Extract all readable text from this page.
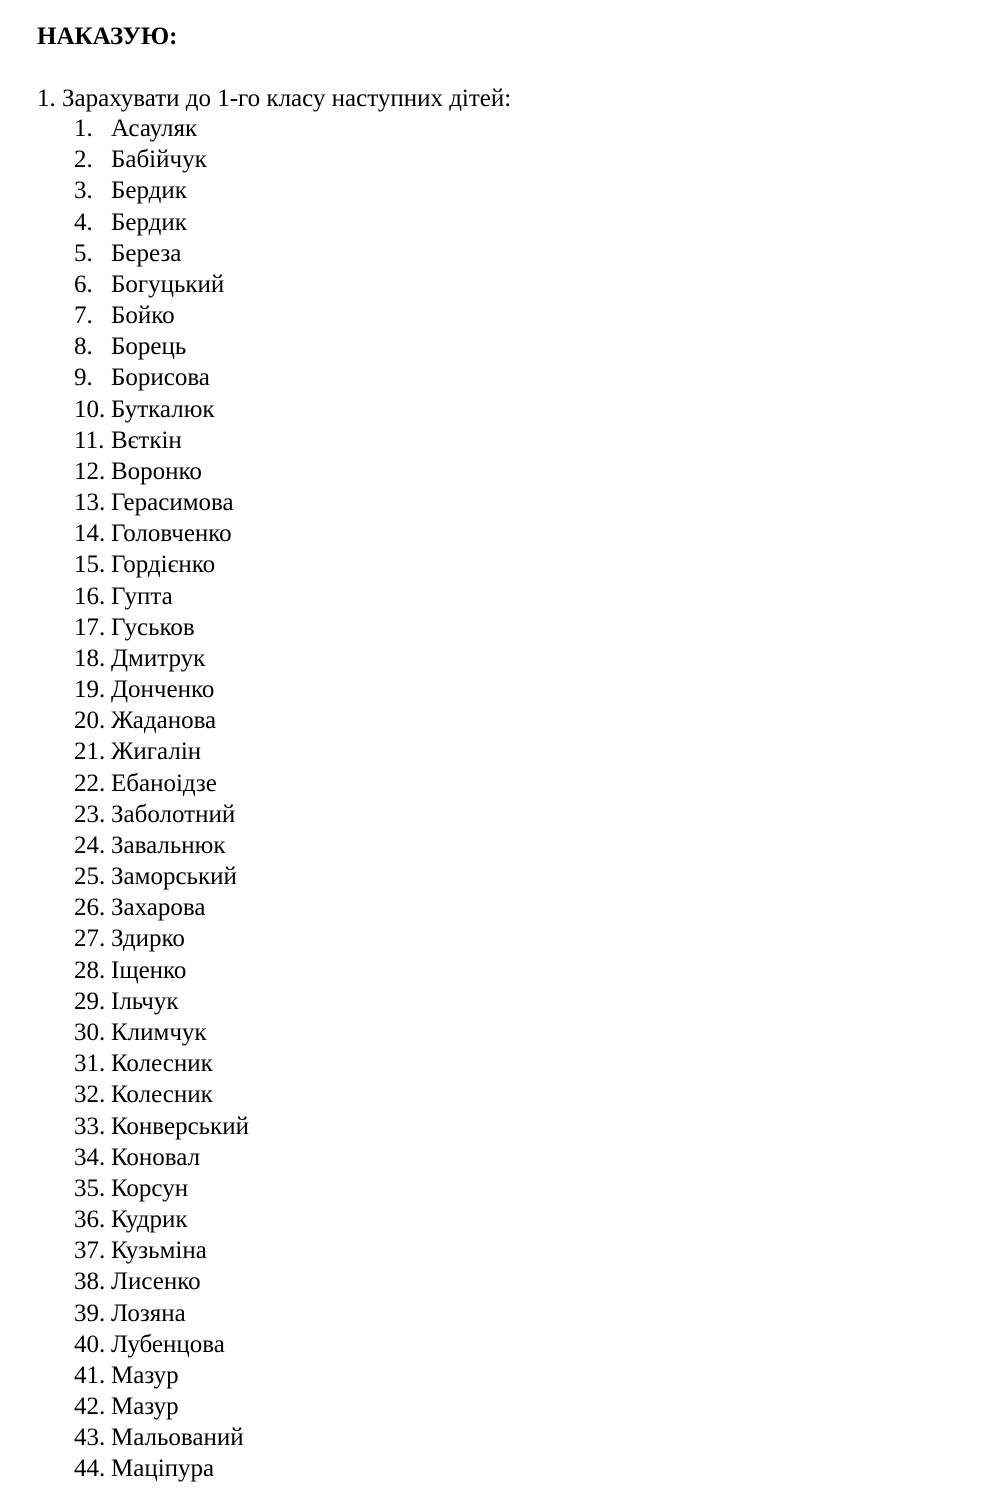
НАКАЗУЮ:
1. Зарахувати до 1-го класу наступних дітей:
1. Асауляк
2. Бабійчук
3. Бердик
4. Бердик
5. Береза
6. Богуцький
7. Бойко
8. Борець
9. Борисова
10. Буткалюк
11. Вєткін
12. Воронко
13. Герасимова
14. Головченко
15. Гордієнко
16. Гупта
17. Гуськов
18. Дмитрук
19. Донченко
20. Жаданова
21. Жигалін
22. Ебаноідзе
23. Заболотний
24. Завальнюк
25. Заморський
26. Захарова
27. Здирко
28. Іщенко
29. Ільчук
30. Климчук
31. Колесник
32. Колесник
33. Конверський
34. Коновал
35. Корсун
36. Кудрик
37. Кузьміна
38. Лисенко
39. Лозяна
40. Лубенцова
41. Мазур
42. Мазур
43. Мальований
44. Маціпура
